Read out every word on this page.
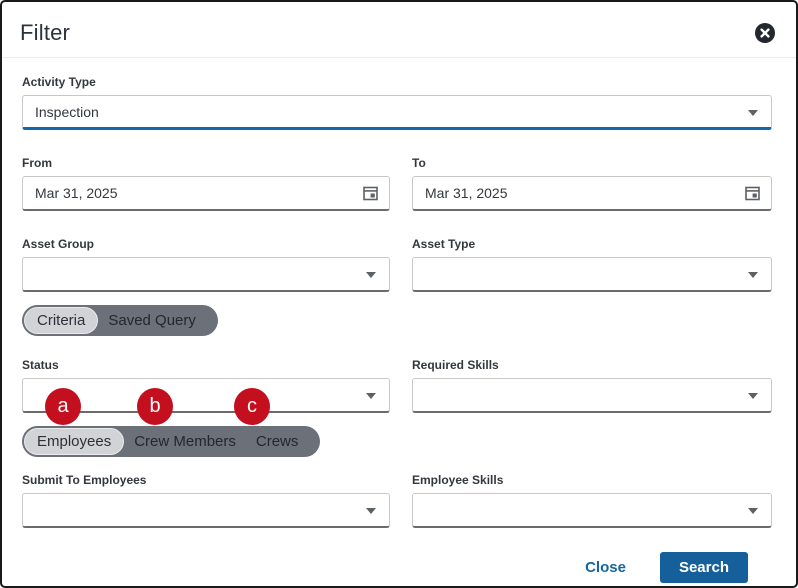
Filter
Activity Type
Inspection
From
Mar 31, 2025
To
Mar 31, 2025
Asset Group	Asset Type
Criteria	Saved Query
Status
a	b	c
Required Skills
Employees	Crew Members	Crews
Submit To Employees	Employee Skills
Close	Search
